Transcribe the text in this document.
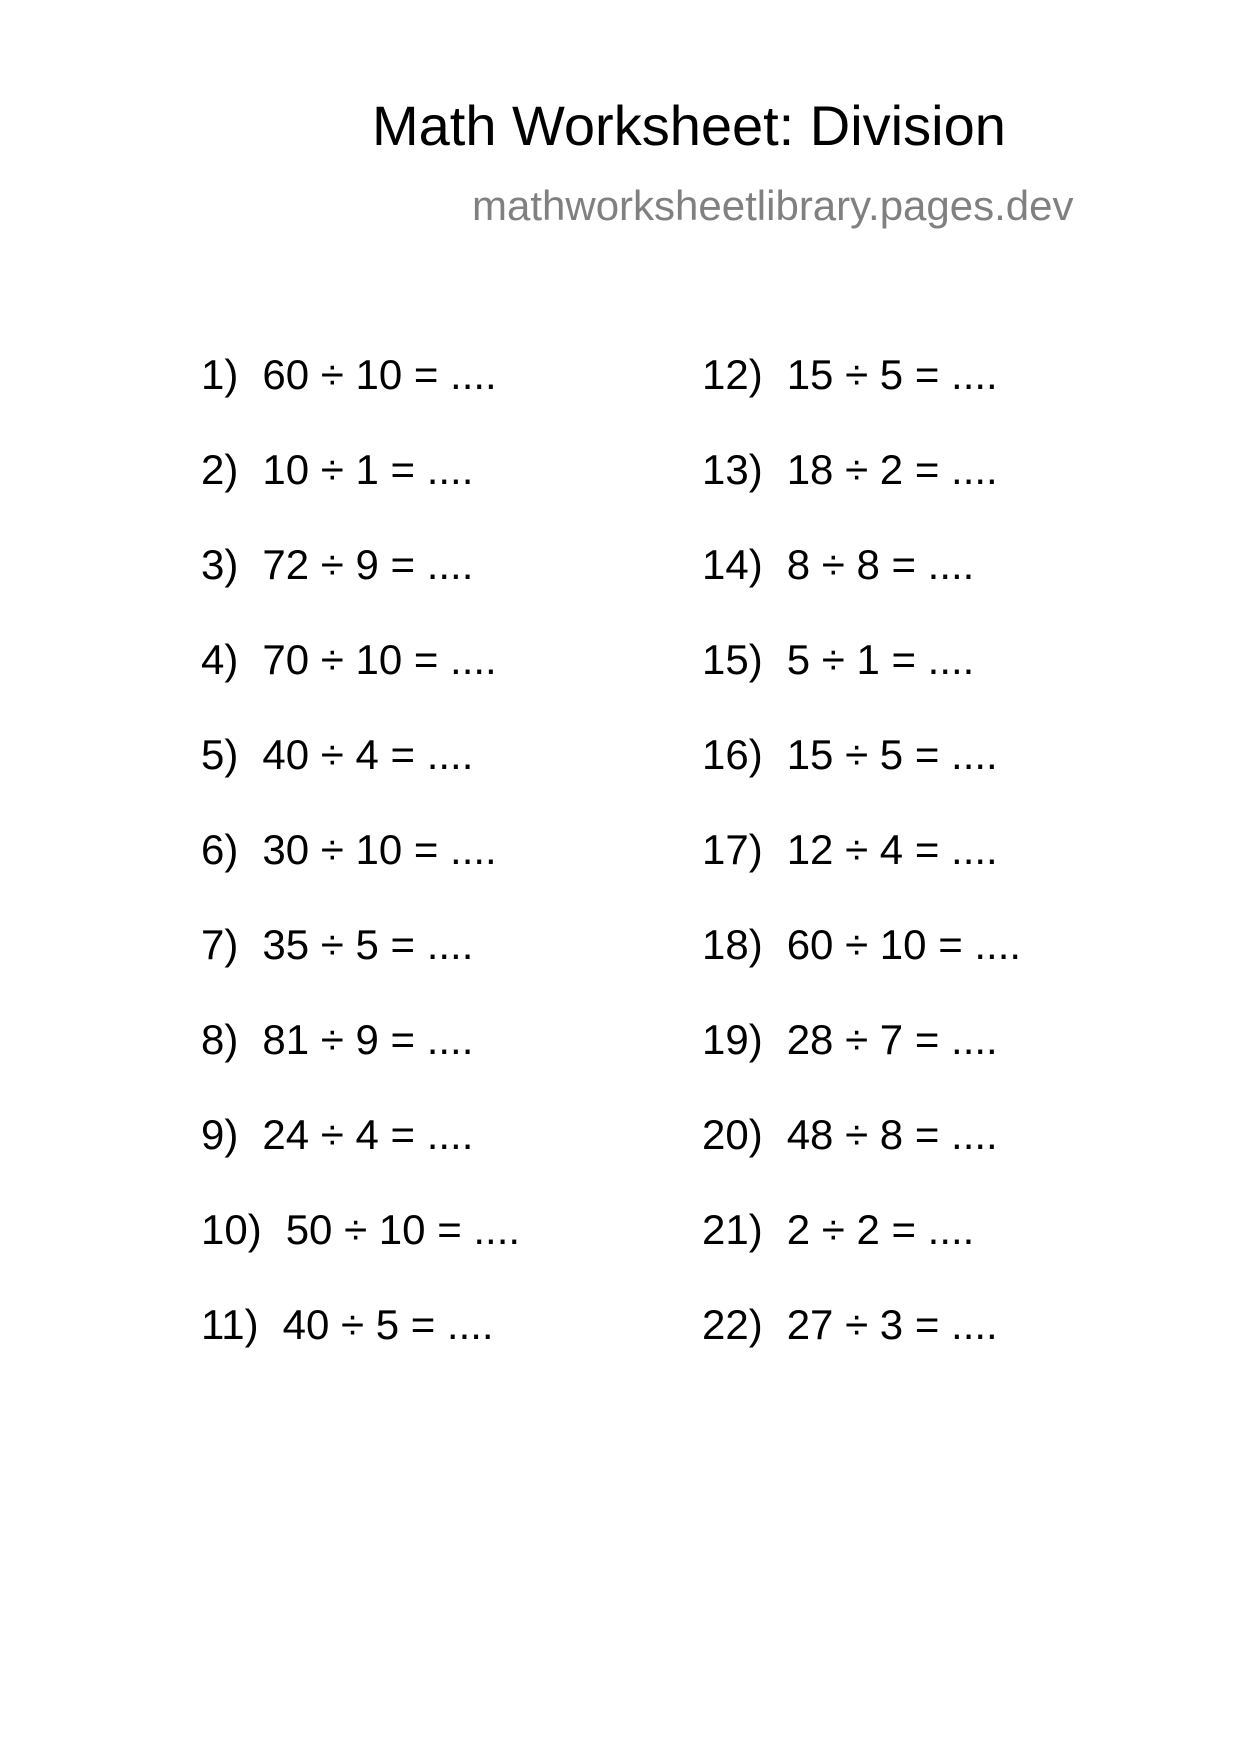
Math Worksheet: Division
mathworksheetlibrary.pages.dev
1) 60 ÷ 10 = ....
2) 10 ÷ 1 = ....
3) 72 ÷ 9 = ....
4) 70 ÷ 10 = ....
5) 40 ÷ 4 = ....
6) 30 ÷ 10 = ....
7) 35 ÷ 5 = ....
8) 81 ÷ 9 = ....
9) 24 ÷ 4 = ....
10) 50 ÷ 10 = ....
11) 40 ÷ 5 = ....
12) 15 ÷ 5 = ....
13) 18 ÷ 2 = ....
14) 8 ÷ 8 = ....
15) 5 ÷ 1 = ....
16) 15 ÷ 5 = ....
17) 12 ÷ 4 = ....
18) 60 ÷ 10 = ....
19) 28 ÷ 7 = ....
20) 48 ÷ 8 = ....
21) 2 ÷ 2 = ....
22) 27 ÷ 3 = ....
